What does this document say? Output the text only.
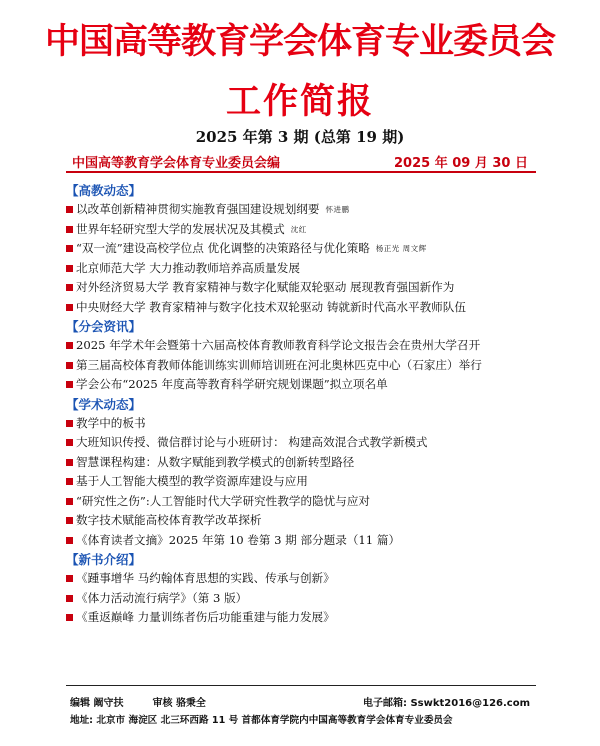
中国高等教育学会体育专业委员会
工作简报
2025 年第 3 期 (总第 19 期)
中国高等教育学会体育专业委员会编	2025 年 09 月 30 日
【高教动态】
以改革创新精神贯彻实施教育强国建设规划纲要 怀进鹏
世界年轻研究型大学的发展状况及其模式 沈红
“双一流”建设高校学位点 优化调整的决策路径与优化策略 杨正光 周文辉
北京师范大学 大力推动教师培养高质量发展
对外经济贸易大学 教育家精神与数字化赋能双轮驱动 展现教育强国新作为
中央财经大学 教育家精神与数字化技术双轮驱动 铸就新时代高水平教师队伍
【分会资讯】
2025 年学术年会暨第十六届高校体育教师教育科学论文报告会在贵州大学召开
第三届高校体育教师体能训练实训师培训班在河北奥林匹克中心（石家庄）举行
学会公布“2025 年度高等教育科学研究规划课题”拟立项名单
【学术动态】
教学中的板书
大班知识传授、微信群讨论与小班研讨： 构建高效混合式教学新模式
智慧课程构建：从数字赋能到教学模式的创新转型路径
基于人工智能大模型的教学资源库建设与应用
“研究性之伤”:人工智能时代大学研究性教学的隐忧与应对
数字技术赋能高校体育教学改革探析
《体育读者文摘》2025 年第 10 卷第 3 期 部分题录（11 篇）
【新书介绍】
《踵事增华 马约翰体育思想的实践、传承与创新》
《体力活动流行病学》（第 3 版）
《重返巅峰 力量训练者伤后功能重建与能力发展》
编辑 阚守扶	审核 骆秉全	电子邮箱: Sswkt2016@126.com
地址: 北京市 海淀区 北三环西路 11 号 首都体育学院内中国高等教育学会体育专业委员会
